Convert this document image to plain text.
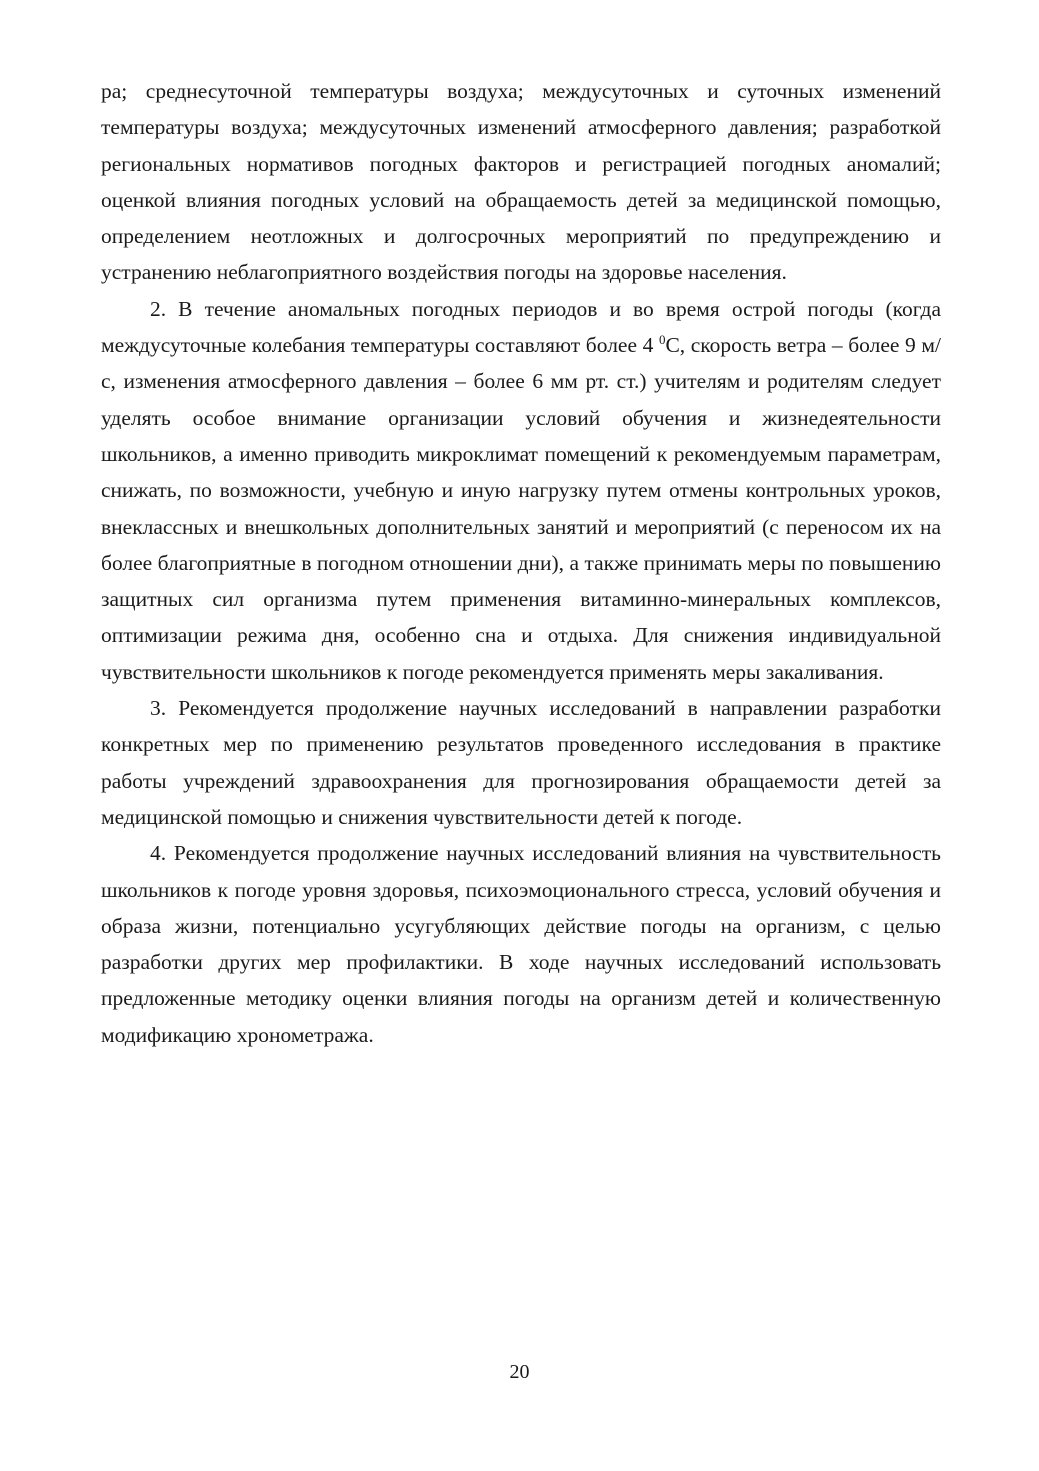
ра; среднесуточной температуры воздуха; междусуточных и суточных изменений температуры воздуха; междусуточных изменений атмосферного давления; разработкой региональных нормативов погодных факторов и регистрацией погодных аномалий; оценкой влияния погодных условий на обращаемость детей за медицинской помощью, определением неотложных и долгосрочных мероприятий по предупреждению и устранению неблагоприятного воздействия погоды на здоровье населения.

2. В течение аномальных погодных периодов и во время острой погоды (когда междусуточные колебания температуры составляют более 4 $^0$С, скорость ветра – более 9 м/с, изменения атмосферного давления – более 6 мм рт. ст.) учителям и родителям следует уделять особое внимание организации условий обучения и жизнедеятельности школьников, а именно приводить микроклимат помещений к рекомендуемым параметрам, снижать, по возможности, учебную и иную нагрузку путем отмены контрольных уроков, внеклассных и внешкольных дополнительных занятий и мероприятий (с переносом их на более благоприятные в погодном отношении дни), а также принимать меры по повышению защитных сил организма путем применения витаминно-минеральных комплексов, оптимизации режима дня, особенно сна и отдыха. Для снижения индивидуальной чувствительности школьников к погоде рекомендуется применять меры закаливания.

3. Рекомендуется продолжение научных исследований в направлении разработки конкретных мер по применению результатов проведенного исследования в практике работы учреждений здравоохранения для прогнозирования обращаемости детей за медицинской помощью и снижения чувствительности детей к погоде.

4. Рекомендуется продолжение научных исследований влияния на чувствительность школьников к погоде уровня здоровья, психоэмоционального стресса, условий обучения и образа жизни, потенциально усугубляющих действие погоды на организм, с целью разработки других мер профилактики. В ходе научных исследований использовать предложенные методику оценки влияния погоды на организм детей и количественную модификацию хронометража.

20
